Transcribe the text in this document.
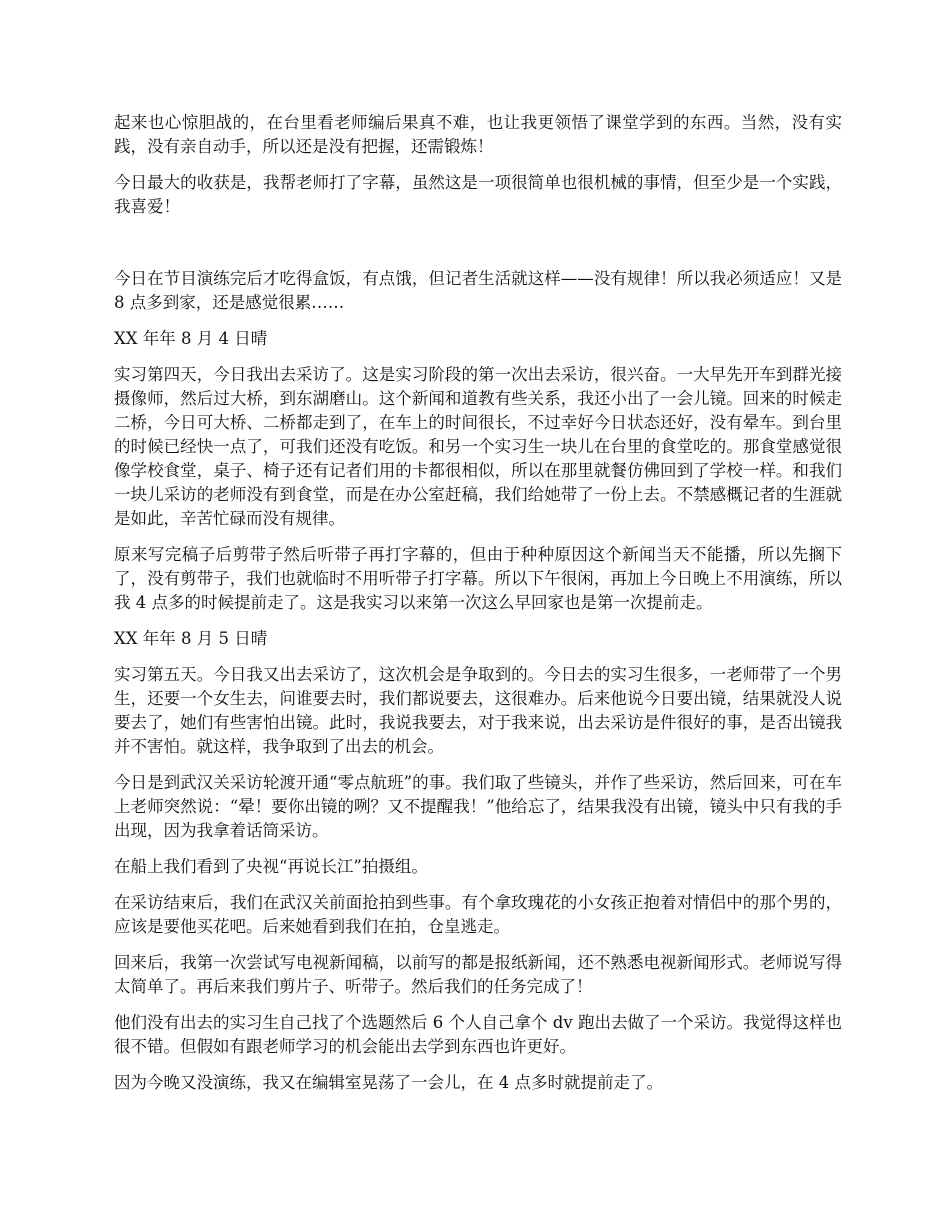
起来也心惊胆战的，在台里看老师编后果真不难，也让我更领悟了课堂学到的东西。当然，没有实践，没有亲自动手，所以还是没有把握，还需锻炼！

今日最大的收获是，我帮老师打了字幕，虽然这是一项很简单也很机械的事情，但至少是一个实践，我喜爱！

今日在节目演练完后才吃得盒饭，有点饿，但记者生活就这样——没有规律！所以我必须适应！又是 8 点多到家，还是感觉很累……

XX 年年 8 月 4 日晴

实习第四天，今日我出去采访了。这是实习阶段的第一次出去采访，很兴奋。一大早先开车到群光接摄像师，然后过大桥，到东湖磨山。这个新闻和道教有些关系，我还小出了一会儿镜。回来的时候走二桥，今日可大桥、二桥都走到了，在车上的时间很长，不过幸好今日状态还好，没有晕车。到台里的时候已经快一点了，可我们还没有吃饭。和另一个实习生一块儿在台里的食堂吃的。那食堂感觉很像学校食堂，桌子、椅子还有记者们用的卡都很相似，所以在那里就餐仿佛回到了学校一样。和我们一块儿采访的老师没有到食堂，而是在办公室赶稿，我们给她带了一份上去。不禁感概记者的生涯就是如此，辛苦忙碌而没有规律。

原来写完稿子后剪带子然后听带子再打字幕的，但由于种种原因这个新闻当天不能播，所以先搁下了，没有剪带子，我们也就临时不用听带子打字幕。所以下午很闲，再加上今日晚上不用演练，所以我 4 点多的时候提前走了。这是我实习以来第一次这么早回家也是第一次提前走。

XX 年年 8 月 5 日晴

实习第五天。今日我又出去采访了，这次机会是争取到的。今日去的实习生很多，一老师带了一个男生，还要一个女生去，问谁要去时，我们都说要去，这很难办。后来他说今日要出镜，结果就没人说要去了，她们有些害怕出镜。此时，我说我要去，对于我来说，出去采访是件很好的事，是否出镜我并不害怕。就这样，我争取到了出去的机会。

今日是到武汉关采访轮渡开通“零点航班”的事。我们取了些镜头，并作了些采访，然后回来，可在车上老师突然说：“晕！要你出镜的咧？又不提醒我！”他给忘了，结果我没有出镜，镜头中只有我的手出现，因为我拿着话筒采访。

在船上我们看到了央视“再说长江”拍摄组。

在采访结束后，我们在武汉关前面抢拍到些事。有个拿玫瑰花的小女孩正抱着对情侣中的那个男的，应该是要他买花吧。后来她看到我们在拍，仓皇逃走。

回来后，我第一次尝试写电视新闻稿，以前写的都是报纸新闻，还不熟悉电视新闻形式。老师说写得太简单了。再后来我们剪片子、听带子。然后我们的任务完成了！

他们没有出去的实习生自己找了个选题然后 6 个人自己拿个 dv 跑出去做了一个采访。我觉得这样也很不错。但假如有跟老师学习的机会能出去学到东西也许更好。

因为今晚又没演练，我又在编辑室晃荡了一会儿，在 4 点多时就提前走了。
